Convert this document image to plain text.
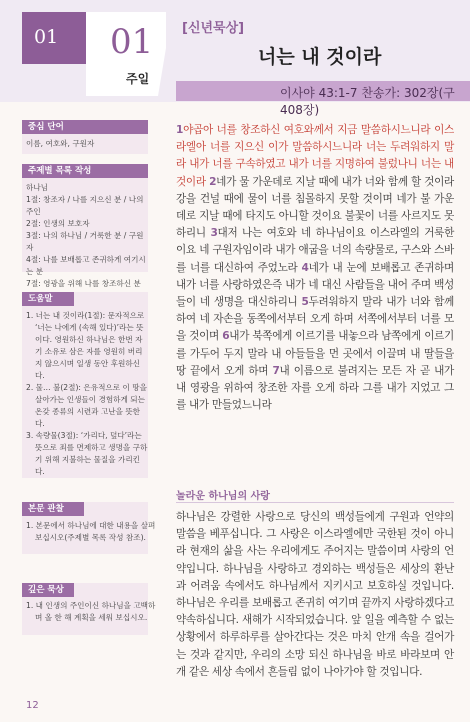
01 01
주일
[신년묵상]
너는 내 것이라
이사야 43:1-7 찬송가: 302장(구 408장)
중심 단어
이름, 여호와, 구원자
주제별 목록 작성
하나님
1절: 창조자 / 나를 지으신 분 / 나의 주인
2절: 인생의 보호자
3절: 나의 하나님 / 거룩한 분 / 구원자
4절: 나를 보배롭고 존귀하게 여기시는 분
7절: 영광을 위해 나를 창조하신 분
도움말
1. 너는 내 것이라(1절): 문자적으로 ‘너는 나에게 (속해 있다)’라는 뜻이다. 영원하신 하나님은 한번 자기 소유로 삼은 자를 영원히 버리지 않으시며 일생 동안 후원하신다.
2. 물… 불(2절): 은유적으로 이 땅을 살아가는 인생들이 경험하게 되는 온갖 종류의 시련과 고난을 뜻한다.
3. 속량물(3절): ‘가리다, 덮다’라는 뜻으로 죄를 면제하고 생명을 구하기 위해 지불하는 물질을 가리킨다.
본문 관찰
1. 본문에서 하나님에 대한 내용을 살펴 보십시오(주제별 목록 작성 참조).
깊은 묵상
1. 내 인생의 주인이신 하나님을 고백하며 올 한 해 계획을 세워 보십시오.
1야곱아 너를 창조하신 여호와께서 지금 말씀하시느니라 이스라엘아 너를 지으신 이가 말씀하시느니라 너는 두려워하지 말라 내가 너를 구속하였고 내가 너를 지명하여 불렀나니 너는 내 것이라 2네가 물 가운데로 지날 때에 내가 너와 함께 할 것이라 강을 건널 때에 물이 너를 침몰하지 못할 것이며 네가 불 가운데로 지날 때에 타지도 아니할 것이요 불꽃이 너를 사르지도 못하리니 3대저 나는 여호와 네 하나님이요 이스라엘의 거룩한 이요 네 구원자임이라 내가 애굽을 너의 속량물로, 구스와 스바를 너를 대신하여 주었노라 4네가 내 눈에 보배롭고 존귀하며 내가 너를 사랑하였은즉 내가 네 대신 사람들을 내어 주며 백성들이 네 생명을 대신하리니 5두려워하지 말라 내가 너와 함께 하여 네 자손을 동쪽에서부터 오게 하며 서쪽에서부터 너를 모을 것이며 6내가 북쪽에게 이르기를 내놓으라 남쪽에게 이르기를 가두어 두지 말라 내 아들들을 먼 곳에서 이끌며 내 딸들을 땅 끝에서 오게 하며 7내 이름으로 불려지는 모든 자 곧 내가 내 영광을 위하여 창조한 자를 오게 하라 그를 내가 지었고 그를 내가 만들었느니라
놀라운 하나님의 사랑
하나님은 강렬한 사랑으로 당신의 백성들에게 구원과 언약의 말씀을 베푸십니다. 그 사랑은 이스라엘에만 국한된 것이 아니라 현재의 삶을 사는 우리에게도 주어지는 말씀이며 사랑의 언약입니다. 하나님을 사랑하고 경외하는 백성들은 세상의 환난과 어려움 속에서도 하나님께서 지키시고 보호하실 것입니다. 하나님은 우리를 보배롭고 존귀히 여기며 끝까지 사랑하겠다고 약속하십니다. 새해가 시작되었습니다. 앞 일을 예측할 수 없는 상황에서 하루하루를 살아간다는 것은 마치 안개 속을 걸어가는 것과 같지만, 우리의 소망 되신 하나님을 바로 바라보며 안개 같은 세상 속에서 흔들림 없이 나아가야 할 것입니다.
12
